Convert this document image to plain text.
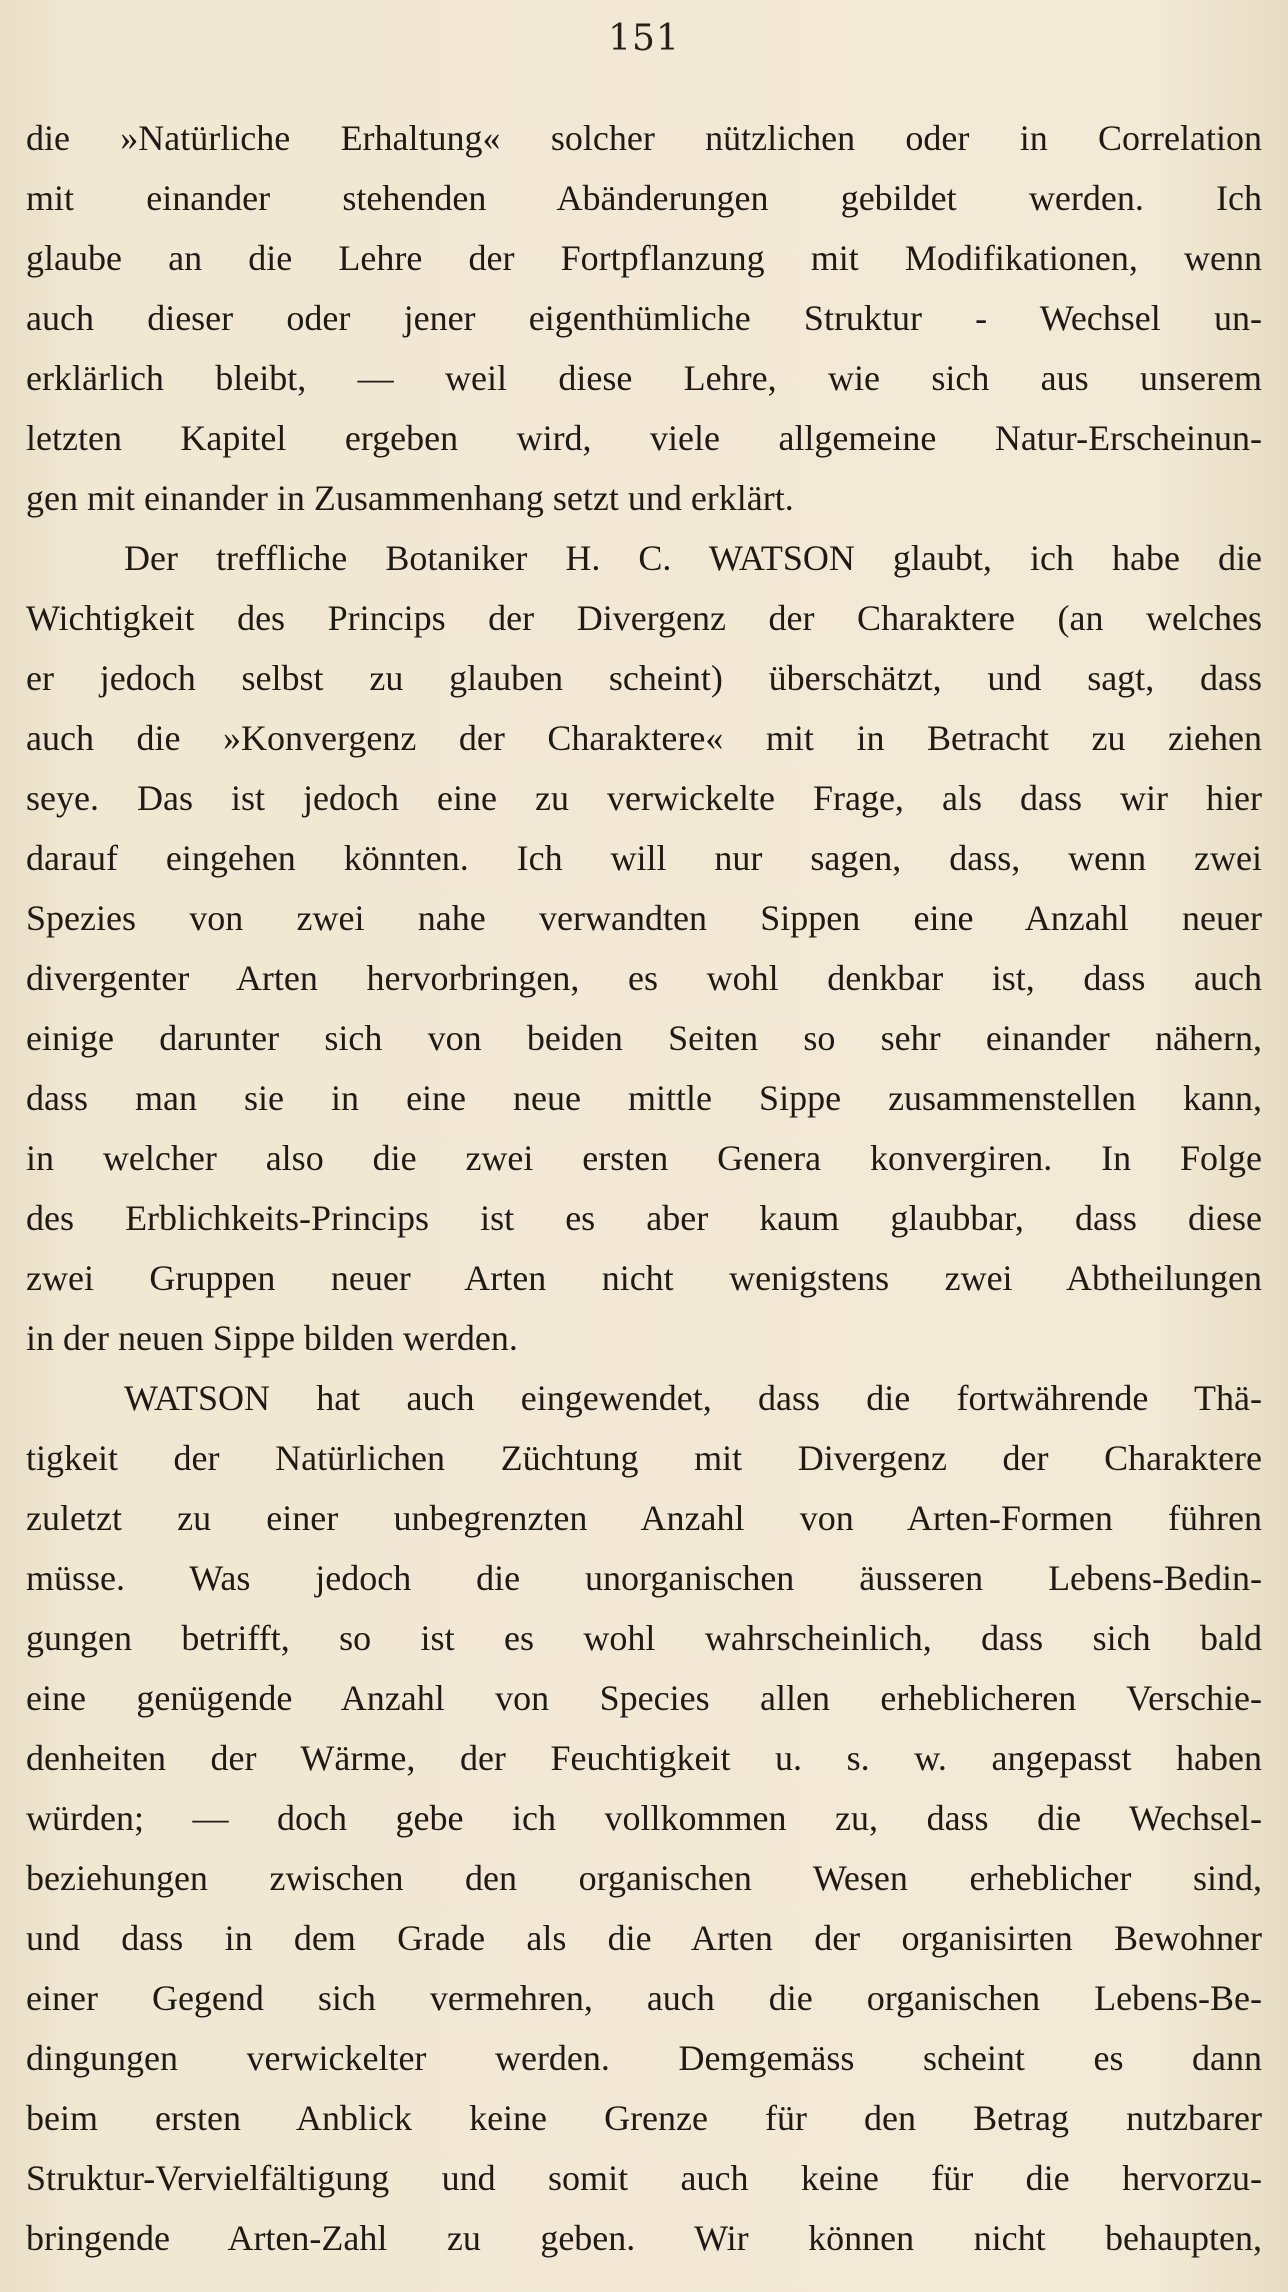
151
die »Natürliche Erhaltung« solcher nützlichen oder in Correlation
mit einander stehenden Abänderungen gebildet werden. Ich
glaube an die Lehre der Fortpflanzung mit Modifikationen, wenn
auch dieser oder jener eigenthümliche Struktur - Wechsel un-
erklärlich bleibt, — weil diese Lehre, wie sich aus unserem
letzten Kapitel ergeben wird, viele allgemeine Natur-Erscheinun-
gen mit einander in Zusammenhang setzt und erklärt.
Der treffliche Botaniker H. C. WATSON glaubt, ich habe die
Wichtigkeit des Princips der Divergenz der Charaktere (an welches
er jedoch selbst zu glauben scheint) überschätzt, und sagt, dass
auch die »Konvergenz der Charaktere« mit in Betracht zu ziehen
seye. Das ist jedoch eine zu verwickelte Frage, als dass wir hier
darauf eingehen könnten. Ich will nur sagen, dass, wenn zwei
Spezies von zwei nahe verwandten Sippen eine Anzahl neuer
divergenter Arten hervorbringen, es wohl denkbar ist, dass auch
einige darunter sich von beiden Seiten so sehr einander nähern,
dass man sie in eine neue mittle Sippe zusammenstellen kann,
in welcher also die zwei ersten Genera konvergiren. In Folge
des Erblichkeits-Princips ist es aber kaum glaubbar, dass diese
zwei Gruppen neuer Arten nicht wenigstens zwei Abtheilungen
in der neuen Sippe bilden werden.
WATSON hat auch eingewendet, dass die fortwährende Thä-
tigkeit der Natürlichen Züchtung mit Divergenz der Charaktere
zuletzt zu einer unbegrenzten Anzahl von Arten-Formen führen
müsse. Was jedoch die unorganischen äusseren Lebens-Bedin-
gungen betrifft, so ist es wohl wahrscheinlich, dass sich bald
eine genügende Anzahl von Species allen erheblicheren Verschie-
denheiten der Wärme, der Feuchtigkeit u. s. w. angepasst haben
würden; — doch gebe ich vollkommen zu, dass die Wechsel-
beziehungen zwischen den organischen Wesen erheblicher sind,
und dass in dem Grade als die Arten der organisirten Bewohner
einer Gegend sich vermehren, auch die organischen Lebens-Be-
dingungen verwickelter werden. Demgemäss scheint es dann
beim ersten Anblick keine Grenze für den Betrag nutzbarer
Struktur-Vervielfältigung und somit auch keine für die hervorzu-
bringende Arten-Zahl zu geben. Wir können nicht behaupten,
